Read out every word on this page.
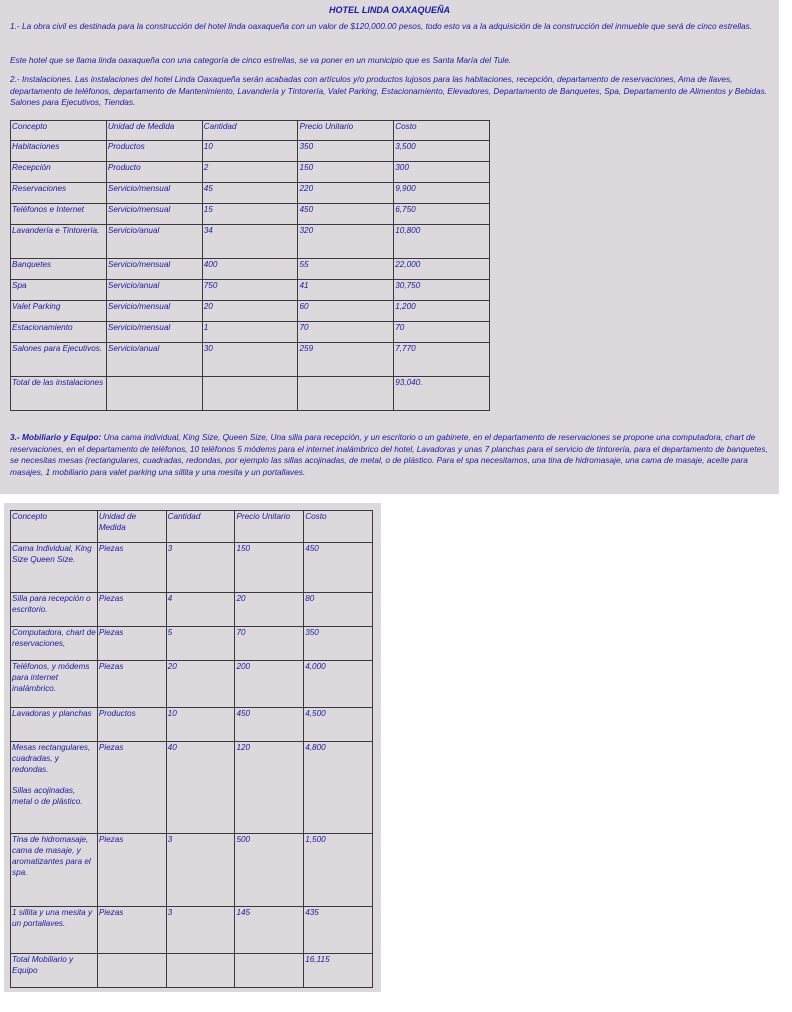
HOTEL LINDA OAXAQUEÑA

1.- La obra civil es destinada para la construcción del hotel linda oaxaqueña con un valor de $120,000.00 pesos, todo esto va a la adquisición de la construcción del inmueble que será de cinco estrellas.

Este hotel que se llama linda oaxaqueña con una categoría de cinco estrellas, se va poner en un municipio que es Santa María del Tule.

2.- Instalaciones. Las instalaciones del hotel Linda Oaxaqueña serán acabadas con artículos y/o productos lujosos para las habitaciones, recepción, departamento de reservaciones, Ama de llaves, departamento de teléfonos, departamento de Mantenimiento, Lavandería y Tintorería, Valet Parking, Estacionamiento, Elevadores, Departamento de Banquetes, Spa, Departamento de Alimentos y Bebidas. Salones para Ejecutivos, Tiendas.

3.- Mobiliario y Equipo: Una cama individual, King Size, Queen Size, Una silla para recepción, y un escritorio o un gabinete, en el departamento de reservaciones se propone una computadora, chart de reservaciones, en el departamento de teléfonos, 10 teléfonos 5 módems para el internet inalámbrico del hotel, Lavadoras y unas 7 planchas para el servicio de tintorería, para el departamento de banquetes, se necesitas mesas (rectangulares, cuadradas, redondas, por ejemplo las sillas acojinadas, de metal, o de plástico. Para el spa necesitamos, una tina de hidromasaje, una cama de masaje, aceite para masajes, 1 mobiliario para valet parking una sillita y una mesita y un portallaves.

Concepto	Unidad de Medida	Cantidad	Precio Unitario	Costo
Habitaciones	Productos	10	350	3,500
Recepción	Producto	2	150	300
Reservaciones	Servicio/mensual	45	220	9,900
Teléfonos e Internet	Servicio/mensual	15	450	6,750
Lavandería e Tintorería.	Servicio/anual	34	320	10,800
Banquetes	Servicio/mensual	400	55	22,000
Spa	Servicio/anual	750	41	30,750
Valet Parking	Servicio/mensual	20	60	1,200
Estacionamiento	Servicio/mensual	1	70	70
Salones para Ejecutivos.	Servicio/anual	30	259	7,770
Total de las instalaciones				93,040.
Concepto	Unidad de Medida	Cantidad	Precio Unitario	Costo
Cama Individual, King Size Queen Size.	Piezas	3	150	450
Silla para recepción o escritorio.	Piezas	4	20	80
Computadora, chart de reservaciones,	Piezas	5	70	350
Teléfonos, y módems para internet inalámbrico.	Piezas	20	200	4,000
Lavadoras y planchas	Productos	10	450	4,500
Mesas rectangulares, cuadradas, y redondas.
Sillas acojinadas, metal o de plástico.	Piezas	40	120	4,800
Tina de hidromasaje, cama de masaje, y aromatizantes para el spa.	Piezas	3	500	1,500
1 sillita y una mesita y un portallaves.	Piezas	3	145	435
Total Mobiliario y Equipo				16,115
